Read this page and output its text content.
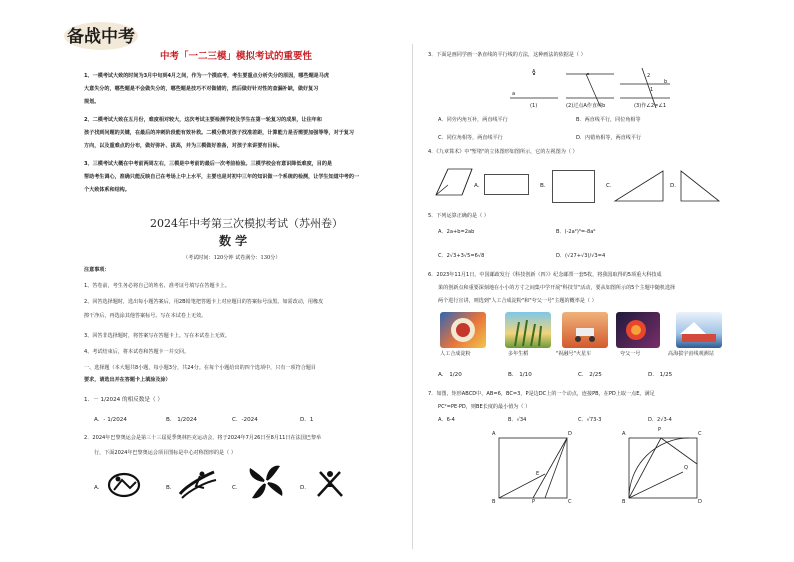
备战中考
中考「一二三模」模拟考试的重要性
1、一模考试大致的时间为3月中旬到4月之间，作为一个摸底考，考生要重点分析失分的原因，哪些题是马虎
大意失分的，哪些题是不会做失分的，哪些题是技巧不对做错的，然后做好针对性的查漏补缺，做好复习
规划。
2、二模考试大致在五月份，难度相对较大，这次考试主要检测学校及学生在第一轮复习的成果，让往年和
孩子找到问题的关键，在最后的冲刺阶段能有效补救。二模分数对孩子找准差距，计算能力是否需要加强等等，对于复习
方向，以及重难点的分布，做好弥补、拔高，并为三模做好准备，对孩子来讲要有目标。
3、三模考试大概在中考前两周左右，三模是中考前的最后一次考前检验。三模学校会有意识降低难度，目的是
帮助考生调心，准确只能反映自己在考场上中上水平，主要也是对初中三年的知识做一个系统的检测，让学生知道中考的一
个大致体系和结构。
2024年中考第三次模拟考试（苏州卷）
数 学
（考试时间：120分钟 试卷满分：130分）
注意事项：
1、答卷前，考生务必将自己的姓名、准考证号填写在答题卡上。
2、回答选择题时，选出每小题答案后，用2B铅笔把答题卡上对应题目的答案标号涂黑。如需改动，用橡皮
擦干净后，再选涂其他答案标号。写在本试卷上无效。
3、回答非选择题时，将答案写在答题卡上。写在本试卷上无效。
4、考试结束后，将本试卷和答题卡一并交回。
一、选择题（本大题共8小题，每小题3分，共24分。在每个小题给出的四个选项中，只有一项符合题目
要求，请选出并在答题卡上填涂及涂）
1．－ 1/2024 的相反数是（ ）
A．- 1/2024	B． 1/2024	C．-2024	D．1
2．2024年巴黎奥运会是第三十三届夏季奥林匹克运动会，将于2024年7月26日至8月11日在法国巴黎举
行，下面2024年巴黎奥运会项目图标是中心对称图形的是（ ）
A.	B.	C.	D.
3．下面是画同学画一条直线的平行线的方法，这种画法的依据是（ ）
A
a
b
1
2
(1)	(2)过点A作直线b	(3)作∠2=∠1
A．同旁内角互补，两直线平行	B．两直线平行，同位角相等
C．同位角相等，两直线平行	D．内错角相等，两直线平行
4．《九章算术》中"堑堵"的立体图形如图所示，它的左视图为（ ）
A.	B.	C.	D.
5．下列运算正确的是（ ）
A．2a+b=2ab	B．(-2a²)³=-8a⁶
C．2√3+3√5=6√8	D．(√27+√3)/√3=4
6．2023年11月1日，中国邮政发行《科技创新（四）》纪念邮票一套5枚，将我国取得的5项重大科技成
果的创新点和重要深刻地在小小的方寸之间集中学开展"科技节"活动，要从如图所示的5个主题中随机选择
两个进行宣讲，则选到"人工合成淀粉"和"夸父一号"主题的概率是（ ）
人工合成淀粉	多年生稻	"祝融号"火星车	夸父一号	高海拔宇宙线观测站
A． 1/20	B． 1/10	C． 2/25	D． 1/25
7．如图，矩形ABCD中，AB=6，BC=3，P是边DC上的一个动点，连接PB，在PD上取一点E，满足
PC²=PE·PD，则BE长度的最小值为（ ）
A．6-4	B．√34	C．√73-3	D．2√3-4
A	D
B	C
E
P
A
P
C
B	D
Q
